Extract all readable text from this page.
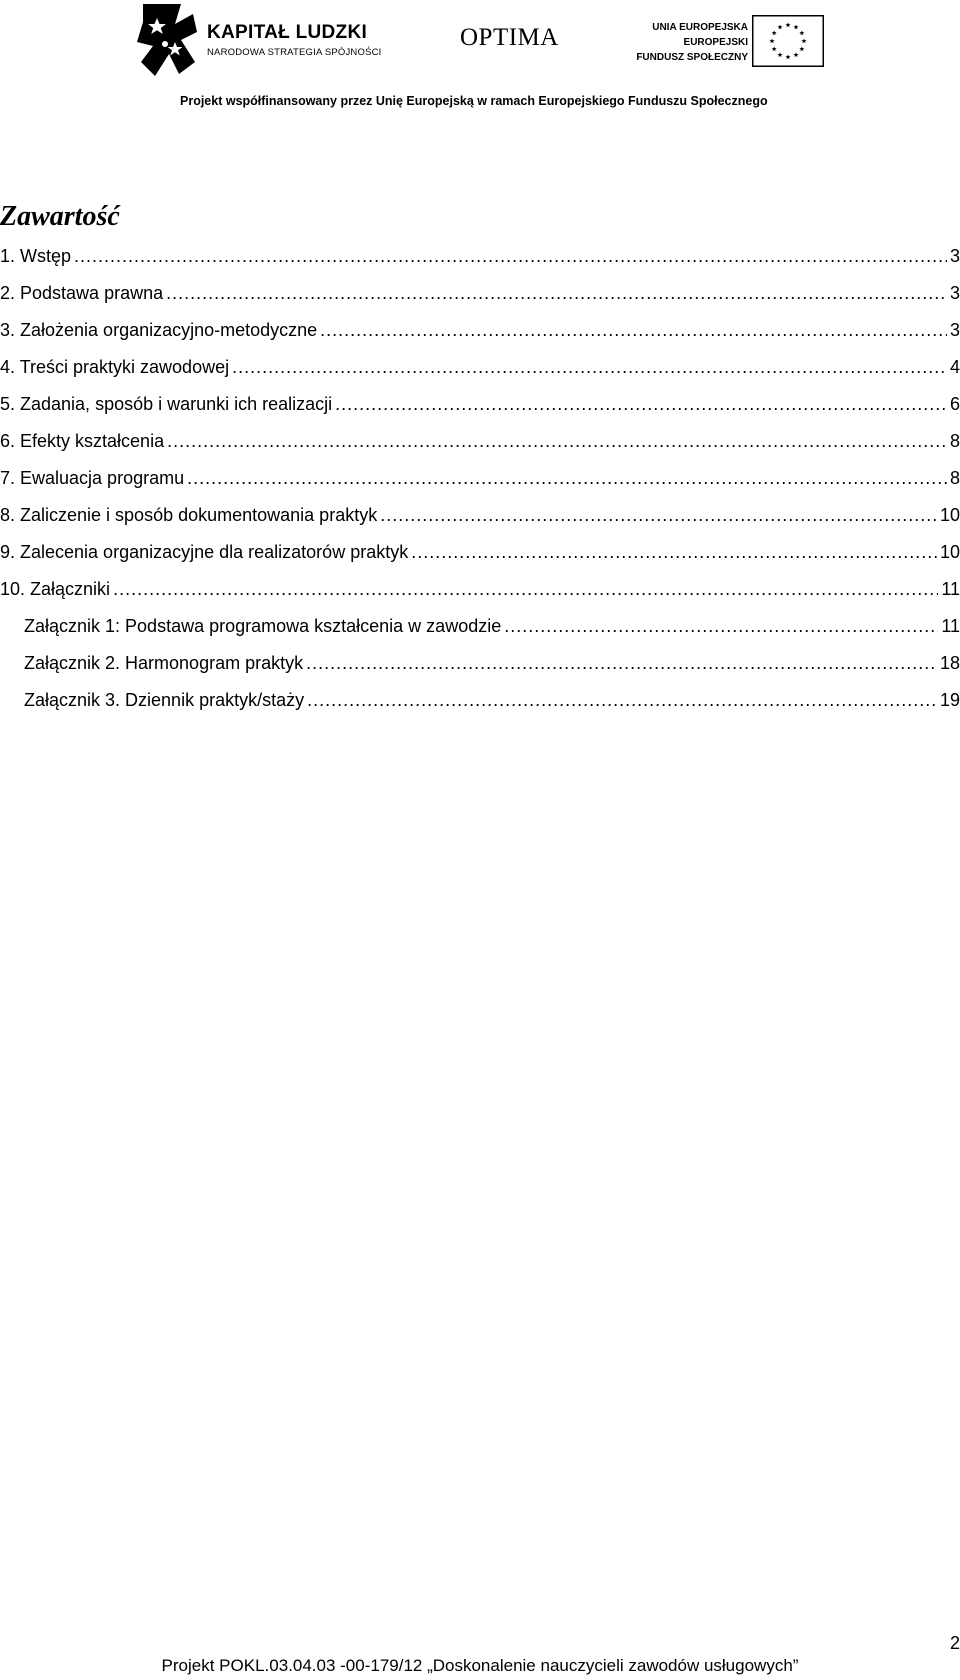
KAPITAŁ LUDZKI
NARODOWA STRATEGIA SPÓJNOŚCI
OPTIMA	UNIA EUROPEJSKA
EUROPEJSKI
FUNDUSZ SPOŁECZNY
Projekt współfinansowany przez Unię Europejską w ramach Europejskiego Funduszu Społecznego
Zawartość
1. Wstęp .....	3
2. Podstawa prawna .....	3
3. Założenia organizacyjno-metodyczne .....	3
4. Treści praktyki zawodowej .....	4
5. Zadania, sposób i warunki ich realizacji .....	6
6. Efekty kształcenia .....	8
7. Ewaluacja programu .....	8
8. Zaliczenie i sposób dokumentowania praktyk .....	10
9. Zalecenia organizacyjne dla realizatorów praktyk .....	10
10. Załączniki .....	11
Załącznik 1: Podstawa programowa kształcenia w zawodzie .....	11
Załącznik 2. Harmonogram praktyk .....	18
Załącznik 3. Dziennik praktyk/staży .....	19
2
Projekt POKL.03.04.03 -00-179/12 „Doskonalenie nauczycieli zawodów usługowych”
